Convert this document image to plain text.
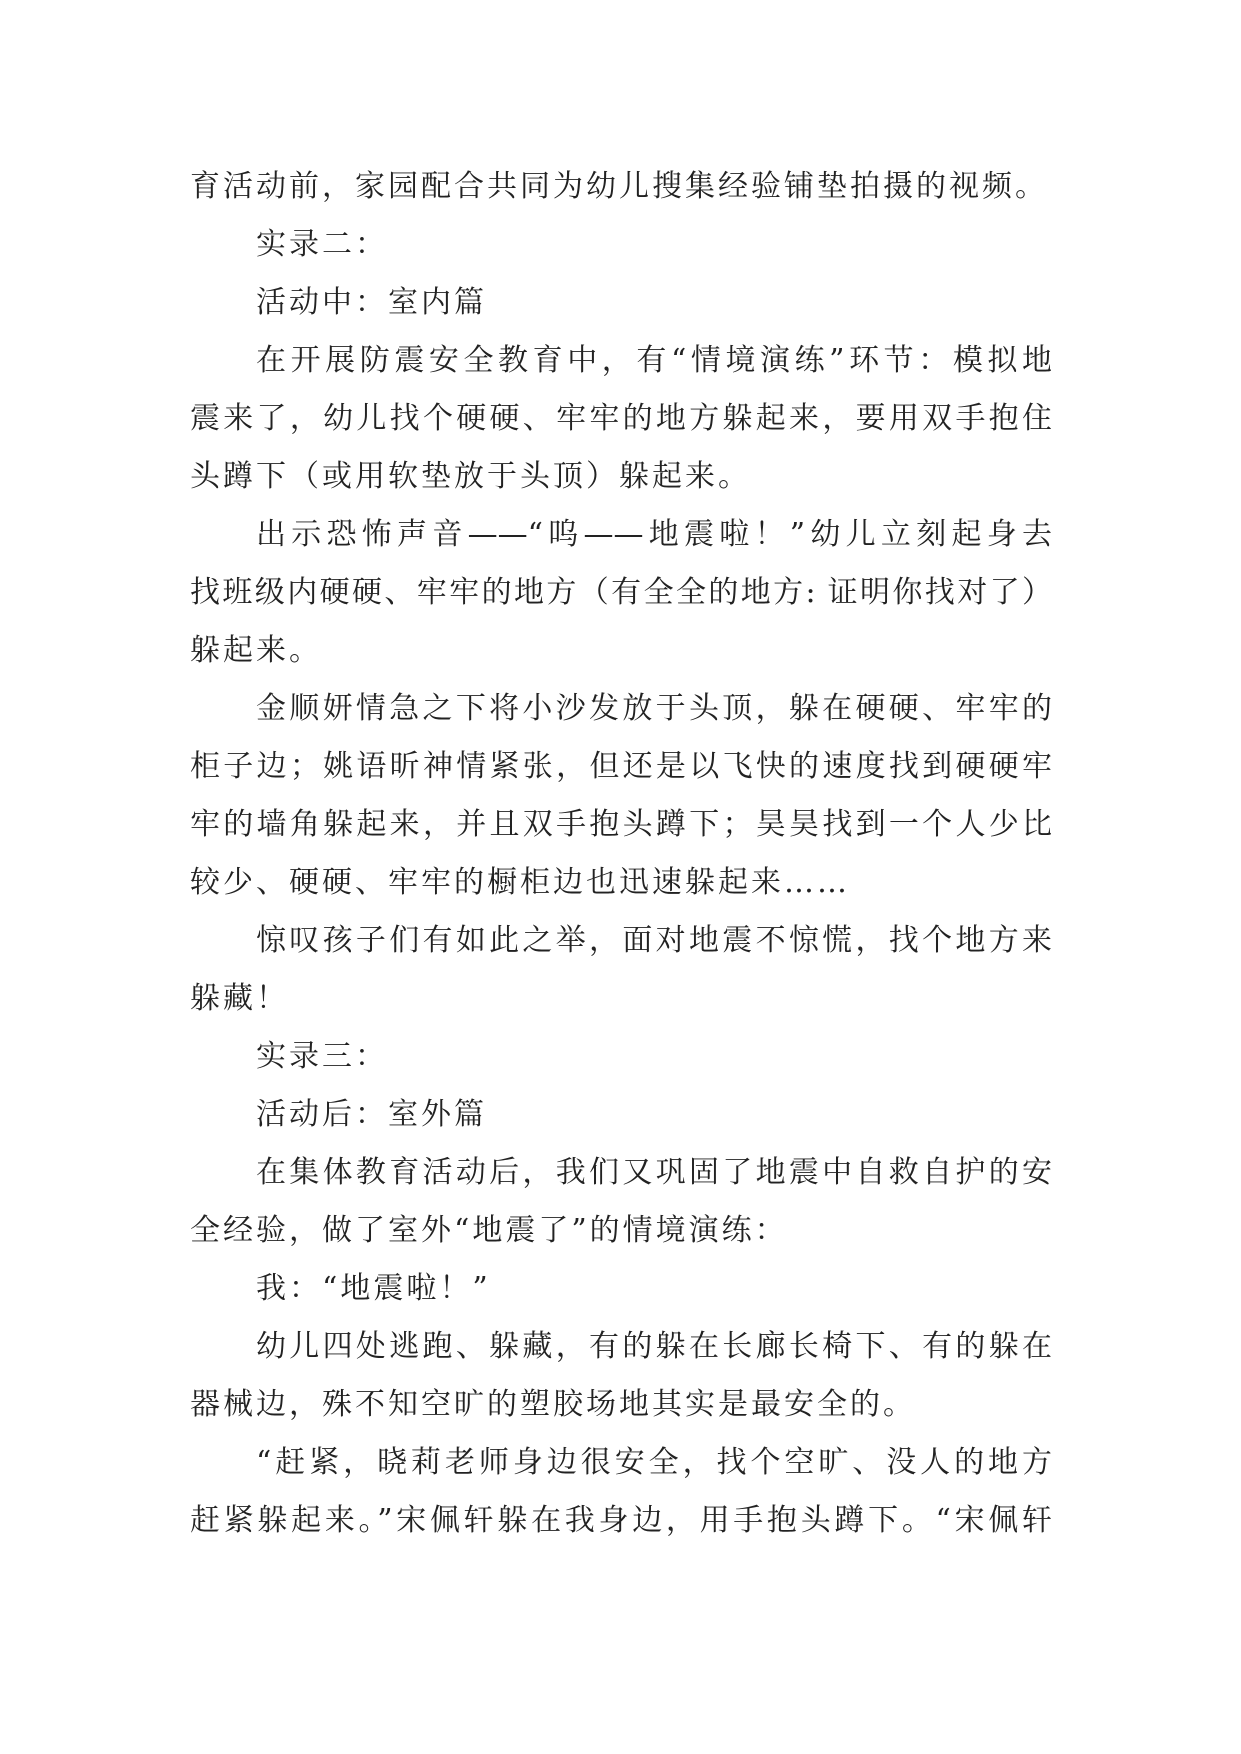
育活动前，家园配合共同为幼儿搜集经验铺垫拍摄的视频。
实录二：
活动中：室内篇
在开展防震安全教育中，有“情境演练”环节：模拟地
震来了，幼儿找个硬硬、牢牢的地方躲起来，要用双手抱住
头蹲下（或用软垫放于头顶）躲起来。
出示恐怖声音——“呜——地震啦！”幼儿立刻起身去
找班级内硬硬、牢牢的地方（有全全的地方: 证明你找对了）
躲起来。
金顺妍情急之下将小沙发放于头顶，躲在硬硬、牢牢的
柜子边；姚语昕神情紧张，但还是以飞快的速度找到硬硬牢
牢的墙角躲起来，并且双手抱头蹲下；昊昊找到一个人少比
较少、硬硬、牢牢的橱柜边也迅速躲起来……
惊叹孩子们有如此之举，面对地震不惊慌，找个地方来
躲藏！
实录三：
活动后：室外篇
在集体教育活动后，我们又巩固了地震中自救自护的安
全经验，做了室外“地震了”的情境演练：
我：“地震啦！”
幼儿四处逃跑、躲藏，有的躲在长廊长椅下、有的躲在
器械边，殊不知空旷的塑胶场地其实是最安全的。
“赶紧，晓莉老师身边很安全，找个空旷、没人的地方
赶紧躲起来。”宋佩轩躲在我身边，用手抱头蹲下。“宋佩轩
